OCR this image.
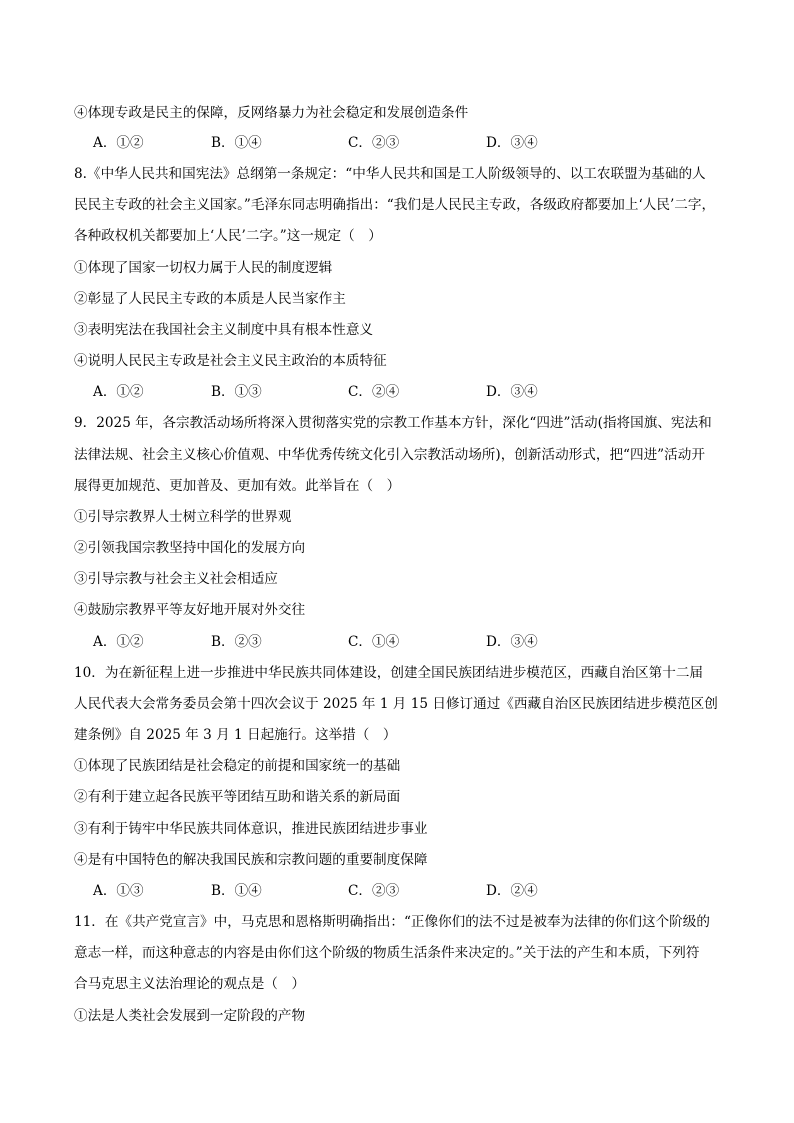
④体现专政是民主的保障，反网络暴力为社会稳定和发展创造条件
A．①②	B．①④	C．②③	D．③④
8.《中华人民共和国宪法》总纲第一条规定：“中华人民共和国是工人阶级领导的、以工农联盟为基础的人
民民主专政的社会主义国家。”毛泽东同志明确指出：“我们是人民民主专政，各级政府都要加上‘人民’二字，
各种政权机关都要加上‘人民’二字。”这一规定（　）
①体现了国家一切权力属于人民的制度逻辑
②彰显了人民民主专政的本质是人民当家作主
③表明宪法在我国社会主义制度中具有根本性意义
④说明人民民主专政是社会主义民主政治的本质特征
A．①②	B．①③	C．②④	D．③④
9．2025 年，各宗教活动场所将深入贯彻落实党的宗教工作基本方针，深化“四进”活动(指将国旗、宪法和
法律法规、社会主义核心价值观、中华优秀传统文化引入宗教活动场所)，创新活动形式，把“四进”活动开
展得更加规范、更加普及、更加有效。此举旨在（　）
①引导宗教界人士树立科学的世界观
②引领我国宗教坚持中国化的发展方向
③引导宗教与社会主义社会相适应
④鼓励宗教界平等友好地开展对外交往
A．①②	B．②③	C．①④	D．③④
10．为在新征程上进一步推进中华民族共同体建设，创建全国民族团结进步模范区，西藏自治区第十二届
人民代表大会常务委员会第十四次会议于 2025 年 1 月 15 日修订通过《西藏自治区民族团结进步模范区创
建条例》自 2025 年 3 月 1 日起施行。这举措（　）
①体现了民族团结是社会稳定的前提和国家统一的基础
②有利于建立起各民族平等团结互助和谐关系的新局面
③有利于铸牢中华民族共同体意识，推进民族团结进步事业
④是有中国特色的解决我国民族和宗教问题的重要制度保障
A．①③	B．①④	C．②③	D．②④
11．在《共产党宣言》中，马克思和恩格斯明确指出：“正像你们的法不过是被奉为法律的你们这个阶级的
意志一样，而这种意志的内容是由你们这个阶级的物质生活条件来决定的。”关于法的产生和本质，下列符
合马克思主义法治理论的观点是（　）
①法是人类社会发展到一定阶段的产物
